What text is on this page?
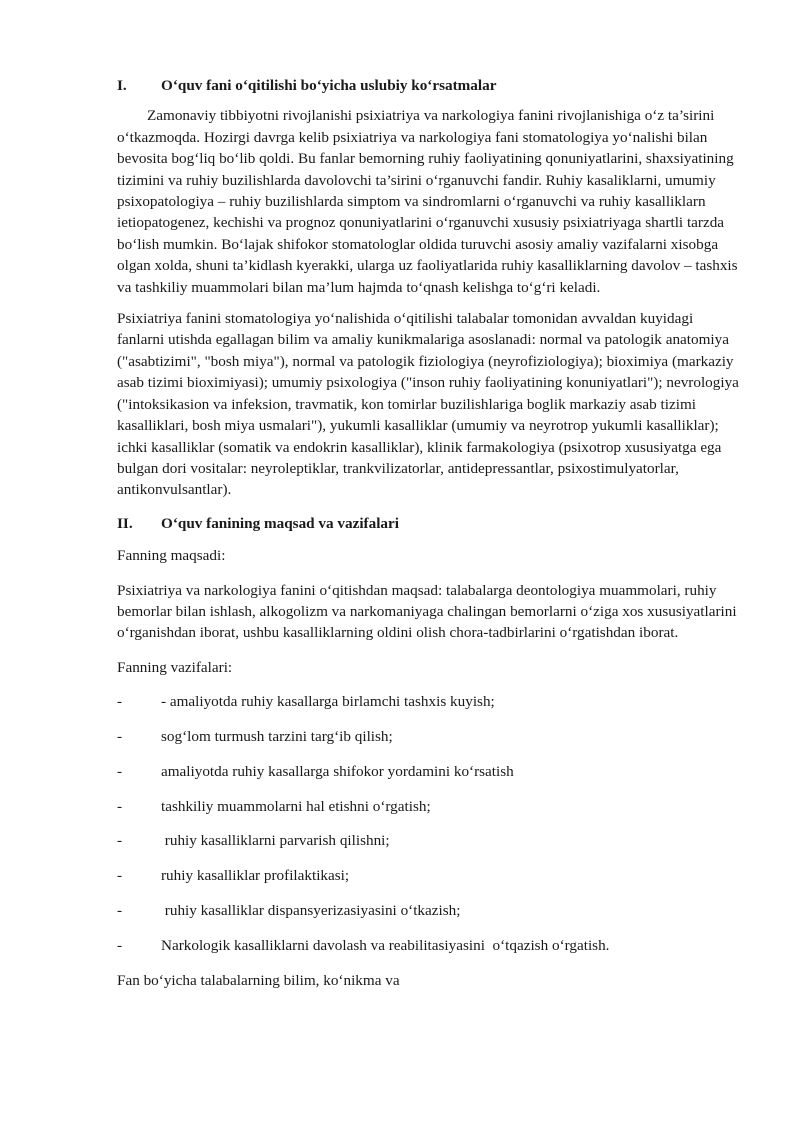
I.	O‘quv fani o‘qitilishi bo‘yicha uslubiy ko‘rsatmalar

Zamonaviy tibbiyotni rivojlanishi psixiatriya va narkologiya fanini rivojlanishiga o‘z ta’sirini o‘tkazmoqda. Hozirgi davrga kelib psixiatriya va narkologiya fani stomatologiya yo‘nalishi bilan bevosita bog‘liq bo‘lib qoldi. Bu fanlar bemorning ruhiy faoliyatining qonuniyatlarini, shaxsiyatining tizimini va ruhiy buzilishlarda davolovchi ta’sirini o‘rganuvchi fandir. Ruhiy kasaliklarni, umumiy psixopatologiya – ruhiy buzilishlarda simptom va sindromlarni o‘rganuvchi va ruhiy kasalliklarn ietiopatogenez, kechishi va prognoz qonuniyatlarini o‘rganuvchi xususiy psixiatriyaga shartli tarzda bo‘lish mumkin. Bo‘lajak shifokor stomatologlar oldida turuvchi asosiy amaliy vazifalarni xisobga olgan xolda, shuni ta’kidlash kyerakki, ularga uz faoliyatlarida ruhiy kasalliklarning davolov – tashxis va tashkiliy muammolari bilan ma’lum hajmda to‘qnash kelishga to‘g‘ri keladi.

Psixiatriya fanini stomatologiya yo‘nalishida o‘qitilishi talabalar tomonidan avvaldan kuyidagi fanlarni utishda egallagan bilim va amaliy kunikmalariga asoslanadi: normal va patologik anatomiya ("asabtizimi", "bosh miya"), normal va patologik fiziologiya (neyrofiziologiya); bioximiya (markaziy asab tizimi bioximiyasi); umumiy psixologiya ("inson ruhiy faoliyatining konuniyatlari"); nevrologiya ("intoksikasion va infeksion, travmatik, kon tomirlar buzilishlariga boglik markaziy asab tizimi kasalliklari, bosh miya usmalari"), yukumli kasalliklar (umumiy va neyrotrop yukumli kasalliklar); ichki kasalliklar (somatik va endokrin kasalliklar), klinik farmakologiya (psixotrop xususiyatga ega bulgan dori vositalar: neyroleptiklar, trankvilizatorlar, antidepressantlar, psixostimulyatorlar, antikonvulsantlar).

II.	O‘quv fanining maqsad va vazifalari

Fanning maqsadi:

Psixiatriya va narkologiya fanini o‘qitishdan maqsad: talabalarga deontologiya muammolari, ruhiy bemorlar bilan ishlash, alkogolizm va narkomaniyaga chalingan bemorlarni o‘ziga xos xususiyatlarini o‘rganishdan iborat, ushbu kasalliklarning oldini olish chora-tadbirlarini o‘rgatishdan iborat.

Fanning vazifalari:

-	- amaliyotda ruhiy kasallarga birlamchi tashxis kuyish;
-	sog‘lom turmush tarzini targ‘ib qilish;
-	amaliyotda ruhiy kasallarga shifokor yordamini ko‘rsatish
-	tashkiliy muammolarni hal etishni o‘rgatish;
-	ruhiy kasalliklarni parvarish qilishni;
-	ruhiy kasalliklar profilaktikasi;
-	ruhiy kasalliklar dispansyerizasiyasini o‘tkazish;
-	Narkologik kasalliklarni davolash va reabilitasiyasini  o‘tqazish o‘rgatish.

Fan bo‘yicha talabalarning bilim, ko‘nikma va
